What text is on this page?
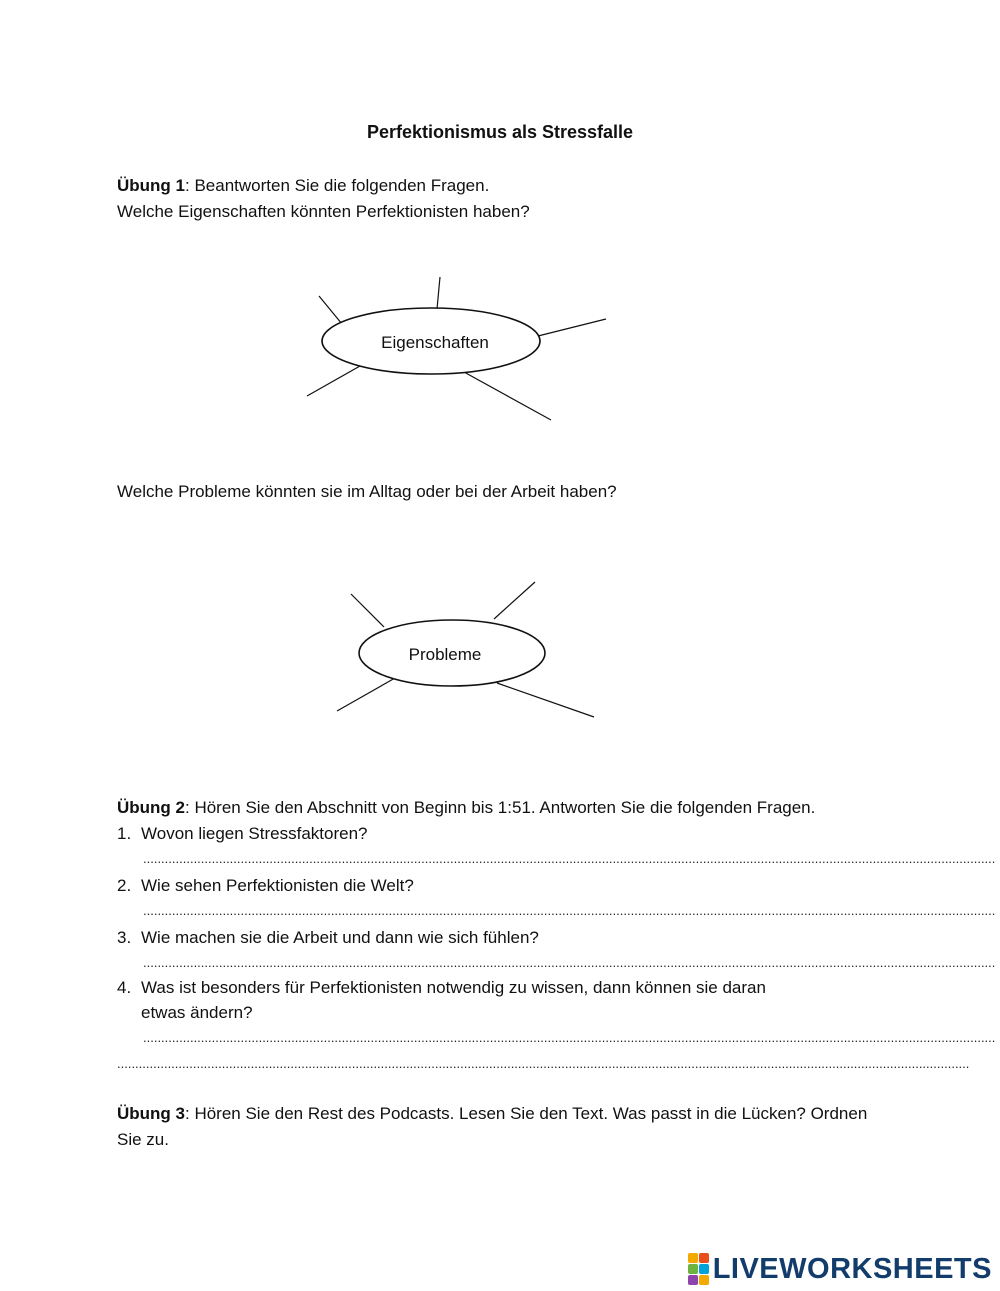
Perfektionismus als Stressfalle
Übung 1: Beantworten Sie die folgenden Fragen.
Welche Eigenschaften könnten Perfektionisten haben?
Eigenschaften
Probleme
Welche Probleme könnten sie im Alltag oder bei der Arbeit haben?
Übung 2: Hören Sie den Abschnitt von Beginn bis 1:51. Antworten Sie die folgenden Fragen.
1. Wovon liegen Stressfaktoren?
............................................................................................................................................................................................................................................
2. Wie sehen Perfektionisten die Welt?
............................................................................................................................................................................................................................................
3. Wie machen sie die Arbeit und dann wie sich fühlen?
............................................................................................................................................................................................................................................
4. Was ist besonders für Perfektionisten notwendig zu wissen, dann können sie daran
etwas ändern?
............................................................................................................................................................................................................................................
............................................................................................................................................................................................................................................
Übung 3: Hören Sie den Rest des Podcasts. Lesen Sie den Text. Was passt in die Lücken? Ordnen
Sie zu.
LIVEWORKSHEETS
